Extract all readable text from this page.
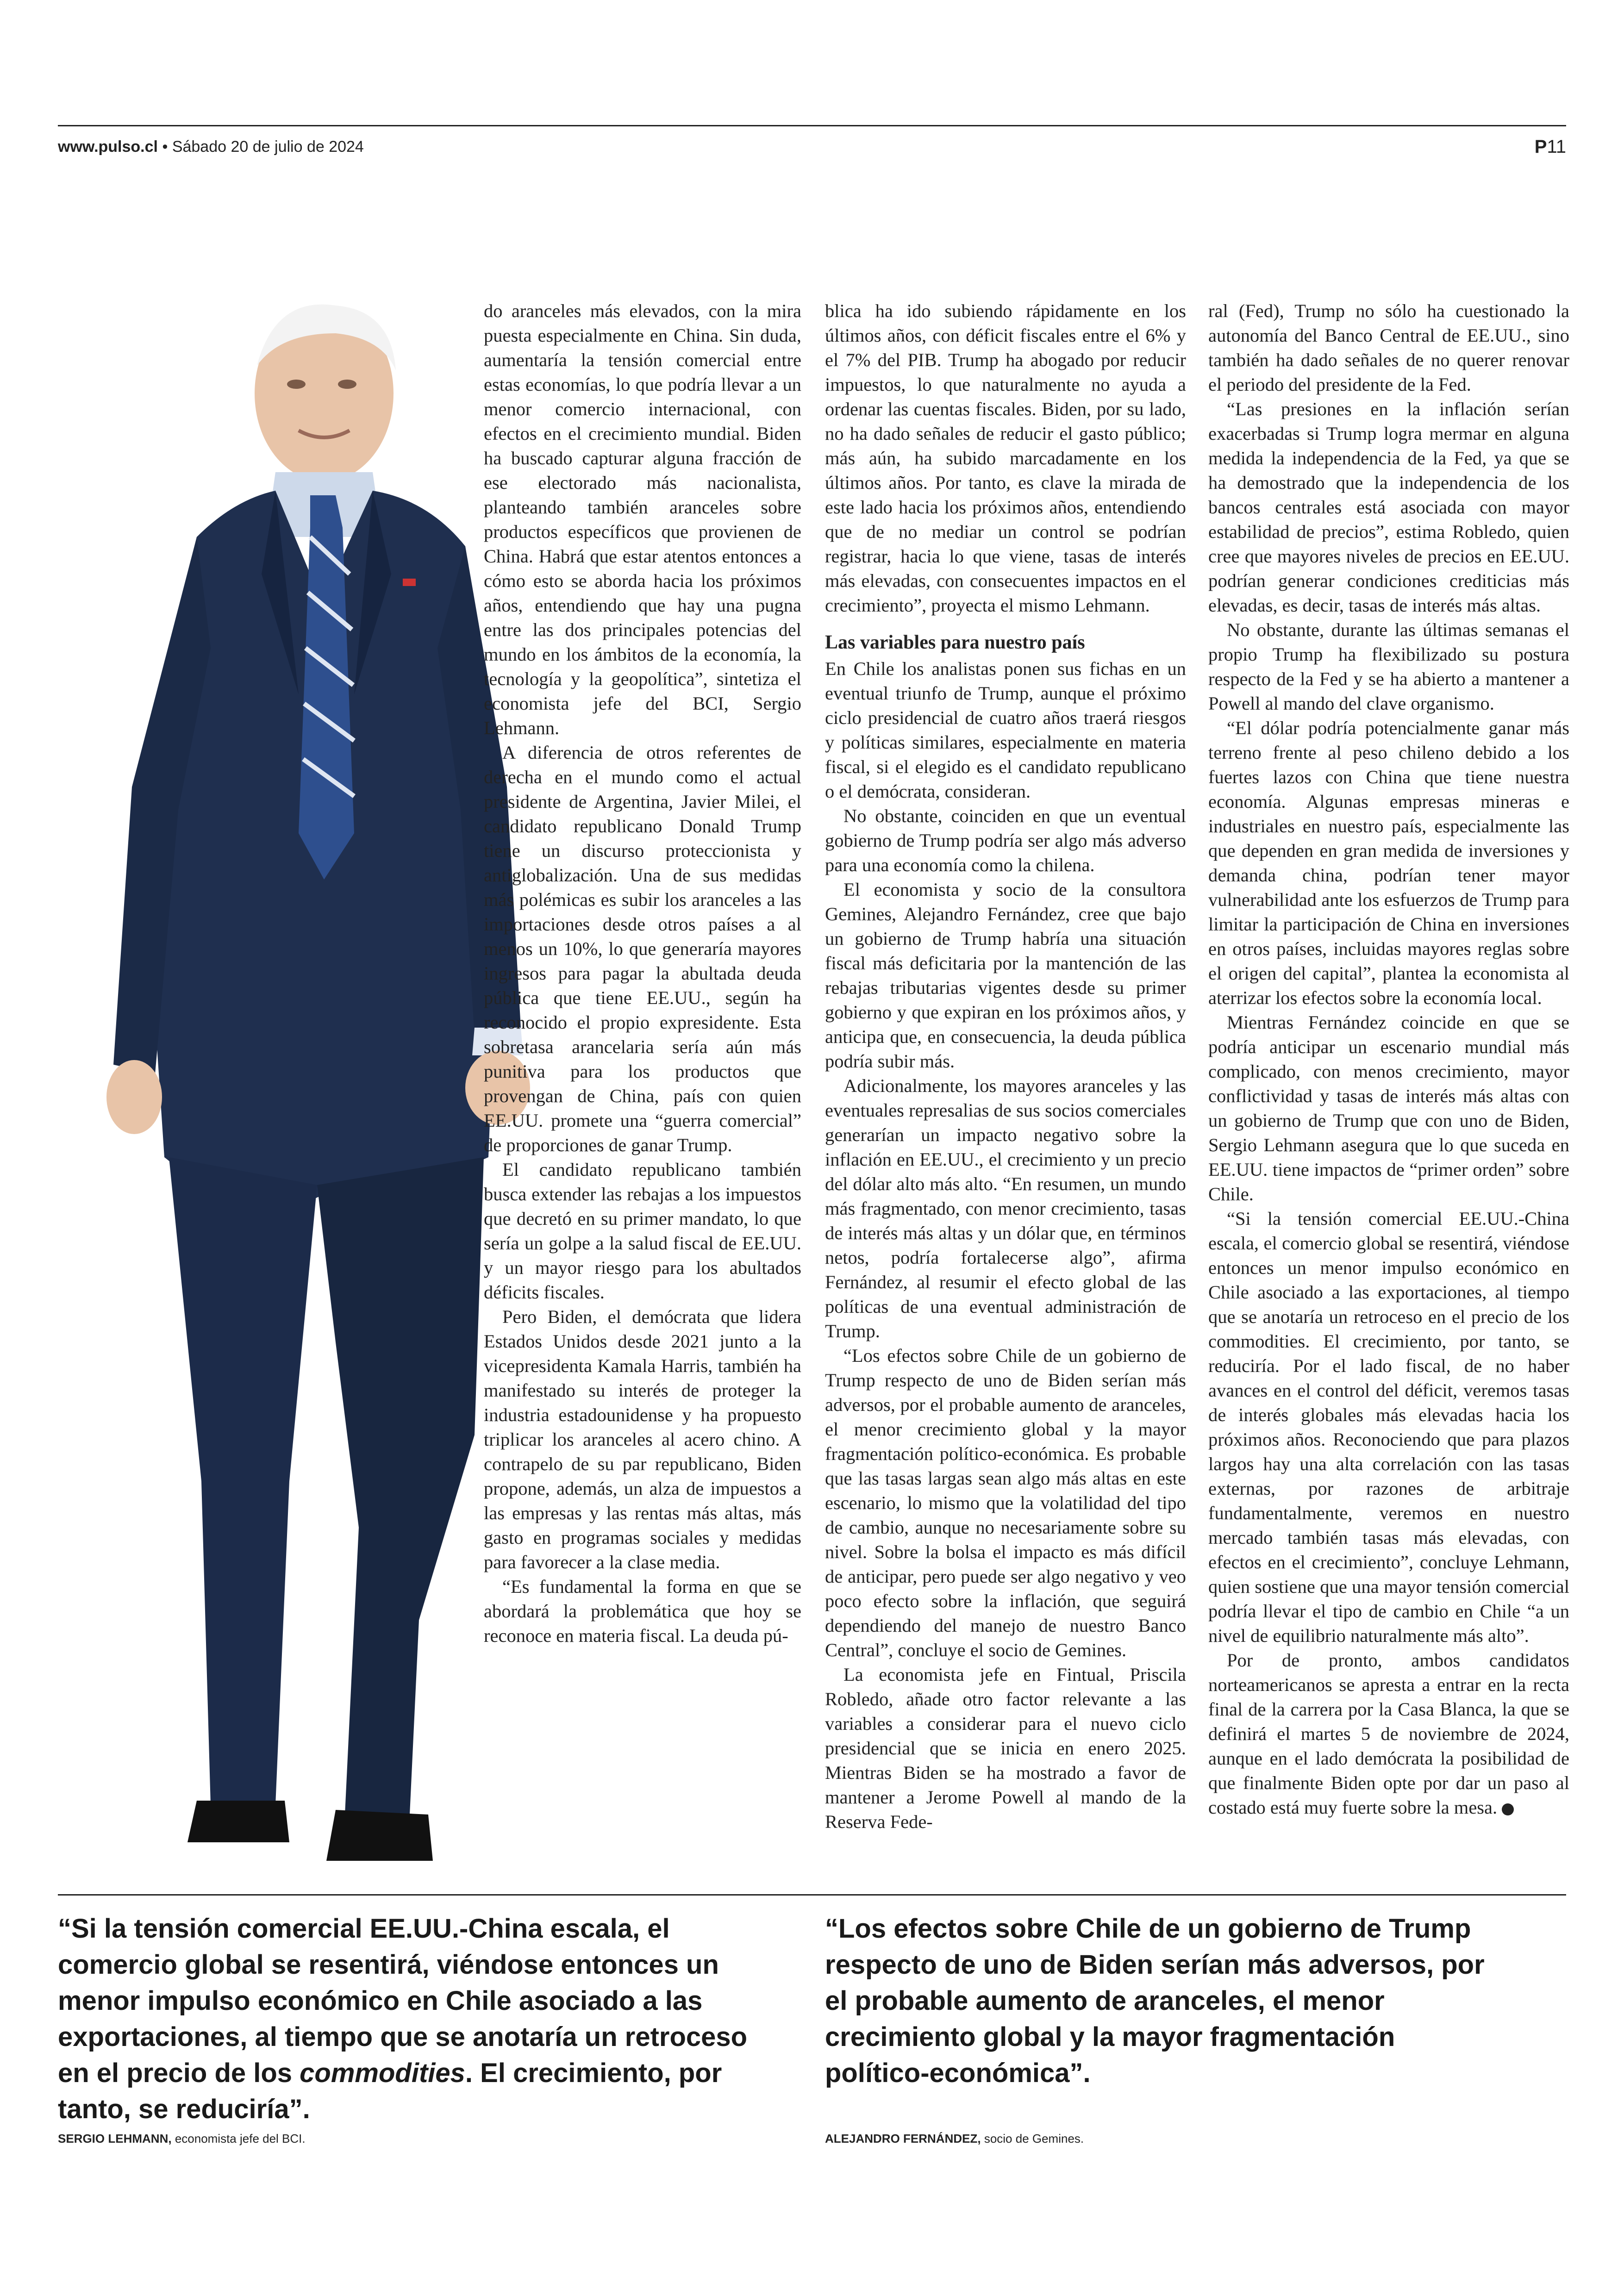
www.pulso.cl • Sábado 20 de julio de 2024	P11

do aranceles más elevados, con la mira puesta especialmente en China. Sin duda, aumentaría la tensión comercial entre estas economías, lo que podría llevar a un menor comercio internacional, con efectos en el crecimiento mundial. Biden ha buscado capturar alguna fracción de ese electorado más nacionalista, planteando también aranceles sobre productos específicos que provienen de China. Habrá que estar atentos entonces a cómo esto se aborda hacia los próximos años, entendiendo que hay una pugna entre las dos principales potencias del mundo en los ámbitos de la economía, la tecnología y la geopolítica”, sintetiza el economista jefe del BCI, Sergio Lehmann.

A diferencia de otros referentes de derecha en el mundo como el actual presidente de Argentina, Javier Milei, el candidato republicano Donald Trump tiene un discurso proteccionista y antiglobalización. Una de sus medidas más polémicas es subir los aranceles a las importaciones desde otros países a al menos un 10%, lo que generaría mayores ingresos para pagar la abultada deuda pública que tiene EE.UU., según ha reconocido el propio expresidente. Esta sobretasa arancelaria sería aún más punitiva para los productos que provengan de China, país con quien EE.UU. promete una “guerra comercial” de proporciones de ganar Trump.

El candidato republicano también busca extender las rebajas a los impuestos que decretó en su primer mandato, lo que sería un golpe a la salud fiscal de EE.UU. y un mayor riesgo para los abultados déficits fiscales.

Pero Biden, el demócrata que lidera Estados Unidos desde 2021 junto a la vicepresidenta Kamala Harris, también ha manifestado su interés de proteger la industria estadounidense y ha propuesto triplicar los aranceles al acero chino. A contrapelo de su par republicano, Biden propone, además, un alza de impuestos a las empresas y las rentas más altas, más gasto en programas sociales y medidas para favorecer a la clase media.

“Es fundamental la forma en que se abordará la problemática que hoy se reconoce en materia fiscal. La deuda pú-

blica ha ido subiendo rápidamente en los últimos años, con déficit fiscales entre el 6% y el 7% del PIB. Trump ha abogado por reducir impuestos, lo que naturalmente no ayuda a ordenar las cuentas fiscales. Biden, por su lado, no ha dado señales de reducir el gasto público; más aún, ha subido marcadamente en los últimos años. Por tanto, es clave la mirada de este lado hacia los próximos años, entendiendo que de no mediar un control se podrían registrar, hacia lo que viene, tasas de interés más elevadas, con consecuentes impactos en el crecimiento”, proyecta el mismo Lehmann.

Las variables para nuestro país

En Chile los analistas ponen sus fichas en un eventual triunfo de Trump, aunque el próximo ciclo presidencial de cuatro años traerá riesgos y políticas similares, especialmente en materia fiscal, si el elegido es el candidato republicano o el demócrata, consideran.

No obstante, coinciden en que un eventual gobierno de Trump podría ser algo más adverso para una economía como la chilena.

El economista y socio de la consultora Gemines, Alejandro Fernández, cree que bajo un gobierno de Trump habría una situación fiscal más deficitaria por la mantención de las rebajas tributarias vigentes desde su primer gobierno y que expiran en los próximos años, y anticipa que, en consecuencia, la deuda pública podría subir más.

Adicionalmente, los mayores aranceles y las eventuales represalias de sus socios comerciales generarían un impacto negativo sobre la inflación en EE.UU., el crecimiento y un precio del dólar alto más alto. “En resumen, un mundo más fragmentado, con menor crecimiento, tasas de interés más altas y un dólar que, en términos netos, podría fortalecerse algo”, afirma Fernández, al resumir el efecto global de las políticas de una eventual administración de Trump.

“Los efectos sobre Chile de un gobierno de Trump respecto de uno de Biden serían más adversos, por el probable aumento de aranceles, el menor crecimiento global y la mayor fragmentación político-económica. Es probable que las tasas largas sean algo más altas en este escenario, lo mismo que la volatilidad del tipo de cambio, aunque no necesariamente sobre su nivel. Sobre la bolsa el impacto es más difícil de anticipar, pero puede ser algo negativo y veo poco efecto sobre la inflación, que seguirá dependiendo del manejo de nuestro Banco Central”, concluye el socio de Gemines.

La economista jefe en Fintual, Priscila Robledo, añade otro factor relevante a las variables a considerar para el nuevo ciclo presidencial que se inicia en enero 2025. Mientras Biden se ha mostrado a favor de mantener a Jerome Powell al mando de la Reserva Fede-

ral (Fed), Trump no sólo ha cuestionado la autonomía del Banco Central de EE.UU., sino también ha dado señales de no querer renovar el periodo del presidente de la Fed.

“Las presiones en la inflación serían exacerbadas si Trump logra mermar en alguna medida la independencia de la Fed, ya que se ha demostrado que la independencia de los bancos centrales está asociada con mayor estabilidad de precios”, estima Robledo, quien cree que mayores niveles de precios en EE.UU. podrían generar condiciones crediticias más elevadas, es decir, tasas de interés más altas.

No obstante, durante las últimas semanas el propio Trump ha flexibilizado su postura respecto de la Fed y se ha abierto a mantener a Powell al mando del clave organismo.

“El dólar podría potencialmente ganar más terreno frente al peso chileno debido a los fuertes lazos con China que tiene nuestra economía. Algunas empresas mineras e industriales en nuestro país, especialmente las que dependen en gran medida de inversiones y demanda china, podrían tener mayor vulnerabilidad ante los esfuerzos de Trump para limitar la participación de China en inversiones en otros países, incluidas mayores reglas sobre el origen del capital”, plantea la economista al aterrizar los efectos sobre la economía local.

Mientras Fernández coincide en que se podría anticipar un escenario mundial más complicado, con menos crecimiento, mayor conflictividad y tasas de interés más altas con un gobierno de Trump que con uno de Biden, Sergio Lehmann asegura que lo que suceda en EE.UU. tiene impactos de “primer orden” sobre Chile.

“Si la tensión comercial EE.UU.-China escala, el comercio global se resentirá, viéndose entonces un menor impulso económico en Chile asociado a las exportaciones, al tiempo que se anotaría un retroceso en el precio de los commodities. El crecimiento, por tanto, se reduciría. Por el lado fiscal, de no haber avances en el control del déficit, veremos tasas de interés globales más elevadas hacia los próximos años. Reconociendo que para plazos largos hay una alta correlación con las tasas externas, por razones de arbitraje fundamentalmente, veremos en nuestro mercado también tasas más elevadas, con efectos en el crecimiento”, concluye Lehmann, quien sostiene que una mayor tensión comercial podría llevar el tipo de cambio en Chile “a un nivel de equilibrio naturalmente más alto”.

Por de pronto, ambos candidatos norteamericanos se apresta a entrar en la recta final de la carrera por la Casa Blanca, la que se definirá el martes 5 de noviembre de 2024, aunque en el lado demócrata la posibilidad de que finalmente Biden opte por dar un paso al costado está muy fuerte sobre la mesa.	P

“Si la tensión comercial EE.UU.-China escala, el comercio global se resentirá, viéndose entonces un menor impulso económico en Chile asociado a las exportaciones, al tiempo que se anotaría un retroceso en el precio de los commodities. El crecimiento, por tanto, se reduciría”.
SERGIO LEHMANN, economista jefe del BCI.
“Los efectos sobre Chile de un gobierno de Trump respecto de uno de Biden serían más adversos, por el probable aumento de aranceles, el menor crecimiento global y la mayor fragmentación político-económica”.
ALEJANDRO FERNÁNDEZ, socio de Gemines.
